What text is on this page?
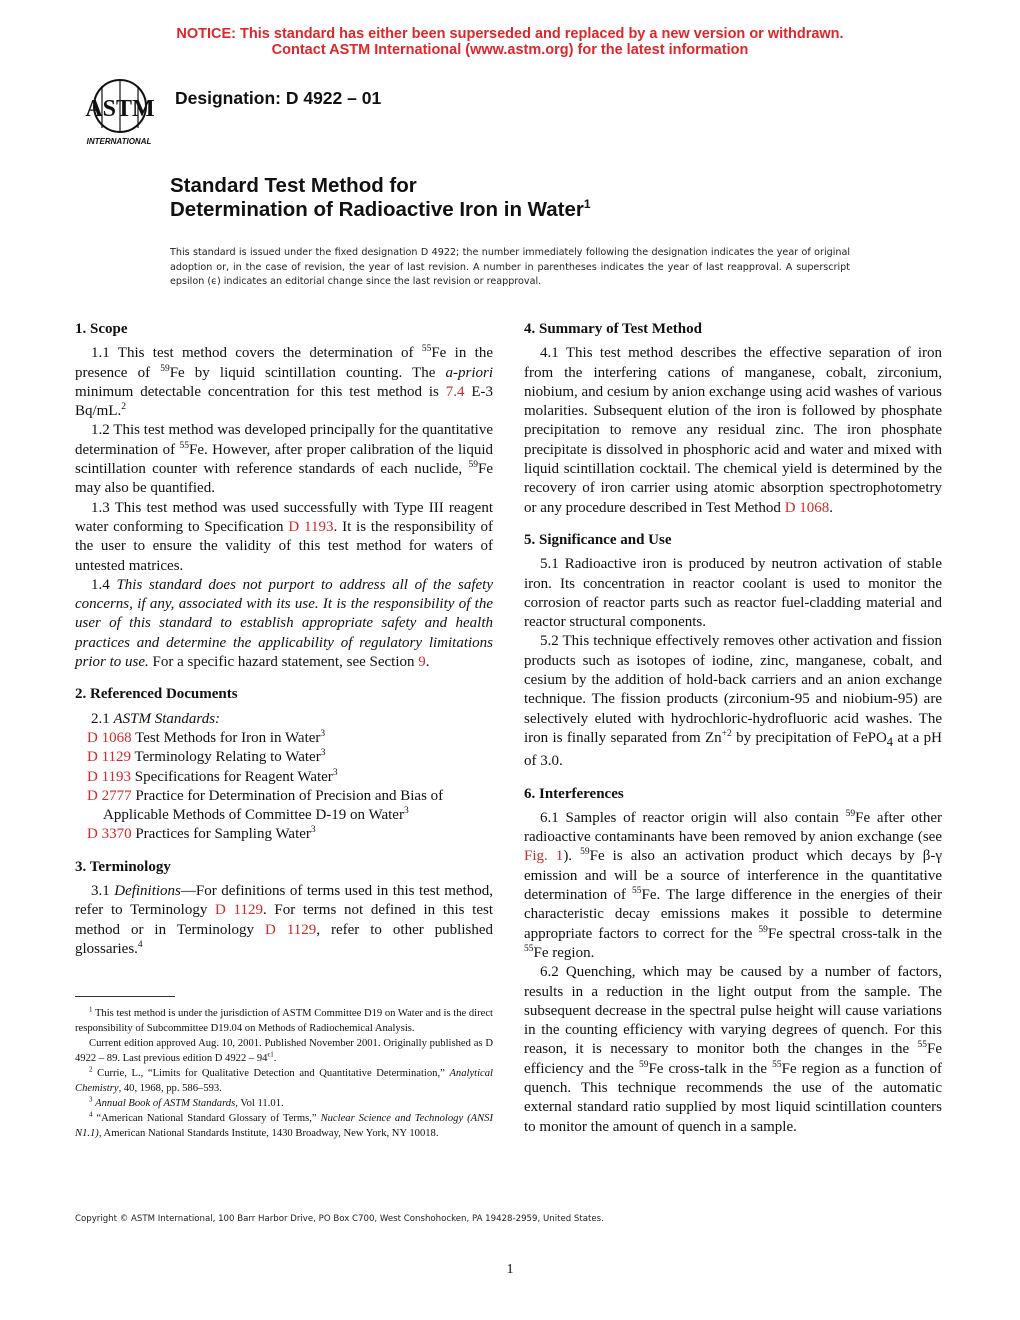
NOTICE: This standard has either been superseded and replaced by a new version or withdrawn.
Contact ASTM International (www.astm.org) for the latest information
ASTM
INTERNATIONAL
Designation: D 4922 – 01
Standard Test Method for
Determination of Radioactive Iron in Water$^1$
This standard is issued under the fixed designation D 4922; the number immediately following the designation indicates the year of original adoption or, in the case of revision, the year of last revision. A number in parentheses indicates the year of last reapproval. A superscript epsilon (ϵ) indicates an editorial change since the last revision or reapproval.
1. Scope
1.1 This test method covers the determination of $^{55}$Fe in the presence of $^{59}$Fe by liquid scintillation counting. The a-priori minimum detectable concentration for this test method is 7.4 E-3 Bq/mL.$^2$
1.2 This test method was developed principally for the quantitative determination of $^{55}$Fe. However, after proper calibration of the liquid scintillation counter with reference standards of each nuclide, $^{59}$Fe may also be quantified.
1.3 This test method was used successfully with Type III reagent water conforming to Specification D 1193. It is the responsibility of the user to ensure the validity of this test method for waters of untested matrices.
1.4 This standard does not purport to address all of the safety concerns, if any, associated with its use. It is the responsibility of the user of this standard to establish appropriate safety and health practices and determine the applicability of regulatory limitations prior to use. For a specific hazard statement, see Section 9.
2. Referenced Documents
2.1 ASTM Standards:
D 1068 Test Methods for Iron in Water$^3$
D 1129 Terminology Relating to Water$^3$
D 1193 Specifications for Reagent Water$^3$
D 2777 Practice for Determination of Precision and Bias of Applicable Methods of Committee D-19 on Water$^3$
D 3370 Practices for Sampling Water$^3$
3. Terminology
3.1 Definitions—For definitions of terms used in this test method, refer to Terminology D 1129. For terms not defined in this test method or in Terminology D 1129, refer to other published glossaries.$^4$
4. Summary of Test Method
4.1 This test method describes the effective separation of iron from the interfering cations of manganese, cobalt, zirconium, niobium, and cesium by anion exchange using acid washes of various molarities. Subsequent elution of the iron is followed by phosphate precipitation to remove any residual zinc. The iron phosphate precipitate is dissolved in phosphoric acid and water and mixed with liquid scintillation cocktail. The chemical yield is determined by the recovery of iron carrier using atomic absorption spectrophotometry or any procedure described in Test Method D 1068.
5. Significance and Use
5.1 Radioactive iron is produced by neutron activation of stable iron. Its concentration in reactor coolant is used to monitor the corrosion of reactor parts such as reactor fuel-cladding material and reactor structural components.
5.2 This technique effectively removes other activation and fission products such as isotopes of iodine, zinc, manganese, cobalt, and cesium by the addition of hold-back carriers and an anion exchange technique. The fission products (zirconium-95 and niobium-95) are selectively eluted with hydrochloric-hydrofluoric acid washes. The iron is finally separated from $Zn^{+2}$ by precipitation of FePO$_4$ at a pH of 3.0.
6. Interferences
6.1 Samples of reactor origin will also contain $^{59}$Fe after other radioactive contaminants have been removed by anion exchange (see Fig. 1). $^{59}$Fe is also an activation product which decays by β-γ emission and will be a source of interference in the quantitative determination of $^{55}$Fe. The large difference in the energies of their characteristic decay emissions makes it possible to determine appropriate factors to correct for the $^{59}$Fe spectral cross-talk in the $^{55}$Fe region.
6.2 Quenching, which may be caused by a number of factors, results in a reduction in the light output from the sample. The subsequent decrease in the spectral pulse height will cause variations in the counting efficiency with varying degrees of quench. For this reason, it is necessary to monitor both the changes in the $^{55}$Fe efficiency and the $^{59}$Fe cross-talk in the $^{55}$Fe region as a function of quench. This technique recommends the use of the automatic external standard ratio supplied by most liquid scintillation counters to monitor the amount of quench in a sample.

$^1$ This test method is under the jurisdiction of ASTM Committee D19 on Water and is the direct responsibility of Subcommittee D19.04 on Methods of Radiochemical Analysis.

Current edition approved Aug. 10, 2001. Published November 2001. Originally published as D 4922 – 89. Last previous edition D $4922 - 94^{\epsilon 1}$.

$^2$ Currie, L., “Limits for Qualitative Detection and Quantitative Determination,” Analytical Chemistry, 40, 1968, pp. 586–593.

$^3$ Annual Book of ASTM Standards, Vol 11.01.

$^4$ “American National Standard Glossary of Terms,” Nuclear Science and Technology (ANSI N1.1), American National Standards Institute, 1430 Broadway, New York, NY 10018.

Copyright © ASTM International, 100 Barr Harbor Drive, PO Box C700, West Conshohocken, PA 19428-2959, United States.
1
